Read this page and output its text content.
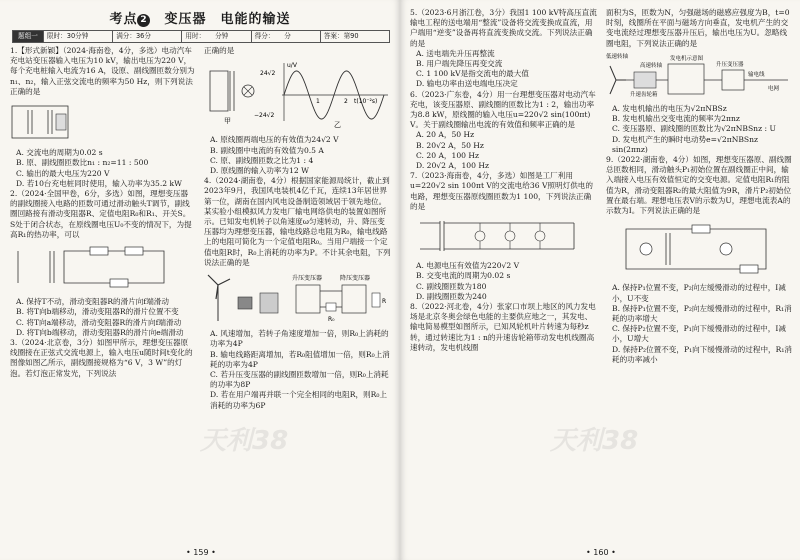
考点 2　 变压器　电能的输送
题组一	限时：30分钟	满分：36分	用时：　　分钟	得分：　　分	答案：第90

1.【形式新颖】（2024·海南卷，4分，多选）电动汽车充电站变压器输入电压为10 kV，输出电压为220 V，每个充电桩输入电流为16 A，设原、副线圈匝数分别为n₁、n₂，输入正弦交流电的频率为50 Hz，则下列说法正确的是

A. 交流电的周期为0.02 s

B. 原、副线圈匝数比n₁ : n₂=11 : 500

C. 输出的最大电压为220 V

D. 若10台充电桩同时使用，输入功率为35.2 kW

2.（2024·全国甲卷，6分，多选）如图，理想变压器的副线圈接入电路的匝数可通过滑动触头T调节，副线圈回路接有滑动变阻器R、定值电阻R₀和R₁、开关S。S处于闭合状态，在原线圈电压U₀不变的情况下，为提高R₁的热功率，可以

A. 保持T不动，滑动变阻器R的滑片向f端滑动

B. 将T向b端移动，滑动变阻器R的滑片位置不变

C. 将T向a端移动，滑动变阻器R的滑片向f端滑动

D. 将T向b端移动，滑动变阻器R的滑片向e端滑动

3.（2024·北京卷，3分）如图甲所示，理想变压器原线圈接在正弦式交流电源上，输入电压u随时间t变化的图像如图乙所示，副线圈接规格为“6 V，3 W”的灯泡。若灯泡正常发光，下列说法

正确的是

甲
u/V
t(10⁻²s)
24√2
−24√2
1	2
乙

A. 原线圈两端电压的有效值为24√2 V

B. 副线圈中电流的有效值为0.5 A

C. 原、副线圈匝数之比为1 : 4

D. 原线圈的输入功率为12 W

4.（2024·湖南卷，4分）根据国家能源局统计，截止到2023年9月，我国风电装机4亿千瓦，连续13年居世界第一位，湖南在国内风电设备制造领域居于领先地位。某实验小组模拟风力发电厂输电网络供电的装置如图所示。已知发电机转子以角速度ω匀速转动，升、降压变压器均为理想变压器，输电线路总电阻为R₀，输电线路上的电阻可简化为一个定值电阻R₀。当用户端接一个定值电阻R时，R₀上消耗的功率为P。不计其余电阻，下列说法正确的是

升压变压器	降压变压器
R₀
R

A. 风速增加，若转子角速度增加一倍，则R₀上消耗的功率为4P

B. 输电线路距离增加，若R₀阻值增加一倍，则R₀上消耗的功率为4P

C. 若升压变压器的副线圈匝数增加一倍，则R₀上消耗的功率为8P

D. 若在用户端再并联一个完全相同的电阻R，则R₀上消耗的功率为6P

天利38
• 159 •

5.（2023·6月浙江卷，3分）我国1 100 kV特高压直流输电工程的送电端用“整流”设备将交流变换成直流，用户端用“逆变”设备再将直流变换成交流。下列说法正确的是

A. 送电端先升压再整流

B. 用户端先降压再变交流

C. 1 100 kV是指交流电的最大值

D. 输电功率由送电端电压决定

6.（2023·广东卷，4分）用一台理想变压器对电动汽车充电，该变压器原、副线圈的匝数比为1 : 2，输出功率为8.8 kW，原线圈的输入电压u=220√2 sin(100πt) V。关于副线圈输出电流的有效值和频率正确的是

A. 20 A，50 Hz

B. 20√2 A，50 Hz

C. 20 A，100 Hz

D. 20√2 A，100 Hz

7.（2023·海南卷，4分，多选）如图是工厂利用u=220√2 sin 100πt V的交流电给36 V照明灯供电的电路，理想变压器原线圈匝数为1 100，下列说法正确的是

A. 电源电压有效值为220√2 V

B. 交变电流的周期为0.02 s

C. 副线圈匝数为180

D. 副线圈匝数为240

8.（2022·河北卷，4分）张家口市坝上地区的风力发电场是北京冬奥会绿色电能的主要供应地之一，其发电、输电简易模型如图所示，已知风轮机叶片转速为每秒z转，通过转速比为1 : n的升速齿轮箱带动发电机线圈高速转动，发电机线圈

面积为S，匝数为N，匀强磁场的磁感应强度为B，t=0时刻，线圈所在平面与磁场方向垂直，发电机产生的交变电流经过理想变压器升压后，输出电压为U。忽略线圈电阻，下列说法正确的是

低速转轴
升速齿轮箱
高速转轴
发电机示意图
升压变压器
输电线
电网

A. 发电机输出的电压为√2πNBSz

B. 发电机输出交变电流的频率为2πnz

C. 变压器原、副线圈的匝数比为√2πNBSnz : U

D. 发电机产生的瞬时电动势e=√2πNBSnz sin(2πnz)

9.（2022·湖南卷，4分）如图，理想变压器原、副线圈总匝数相同，滑动触头P₁初始位置在副线圈正中间，输入端接入电压有效值恒定的交变电源。定值电阻R₁的阻值为R，滑动变阻器R₂的最大阻值为9R，滑片P₂初始位置在最右端。理想电压表V的示数为U，理想电流表A的示数为I。下列说法正确的是

A. 保持P₁位置不变，P₂向左缓慢滑动的过程中，I减小，U不变

B. 保持P₁位置不变，P₂向左缓慢滑动的过程中，R₁消耗的功率增大

C. 保持P₂位置不变，P₁向下缓慢滑动的过程中，I减小，U增大

D. 保持P₂位置不变，P₁向下缓慢滑动的过程中，R₁消耗的功率减小

天利38
• 160 •
